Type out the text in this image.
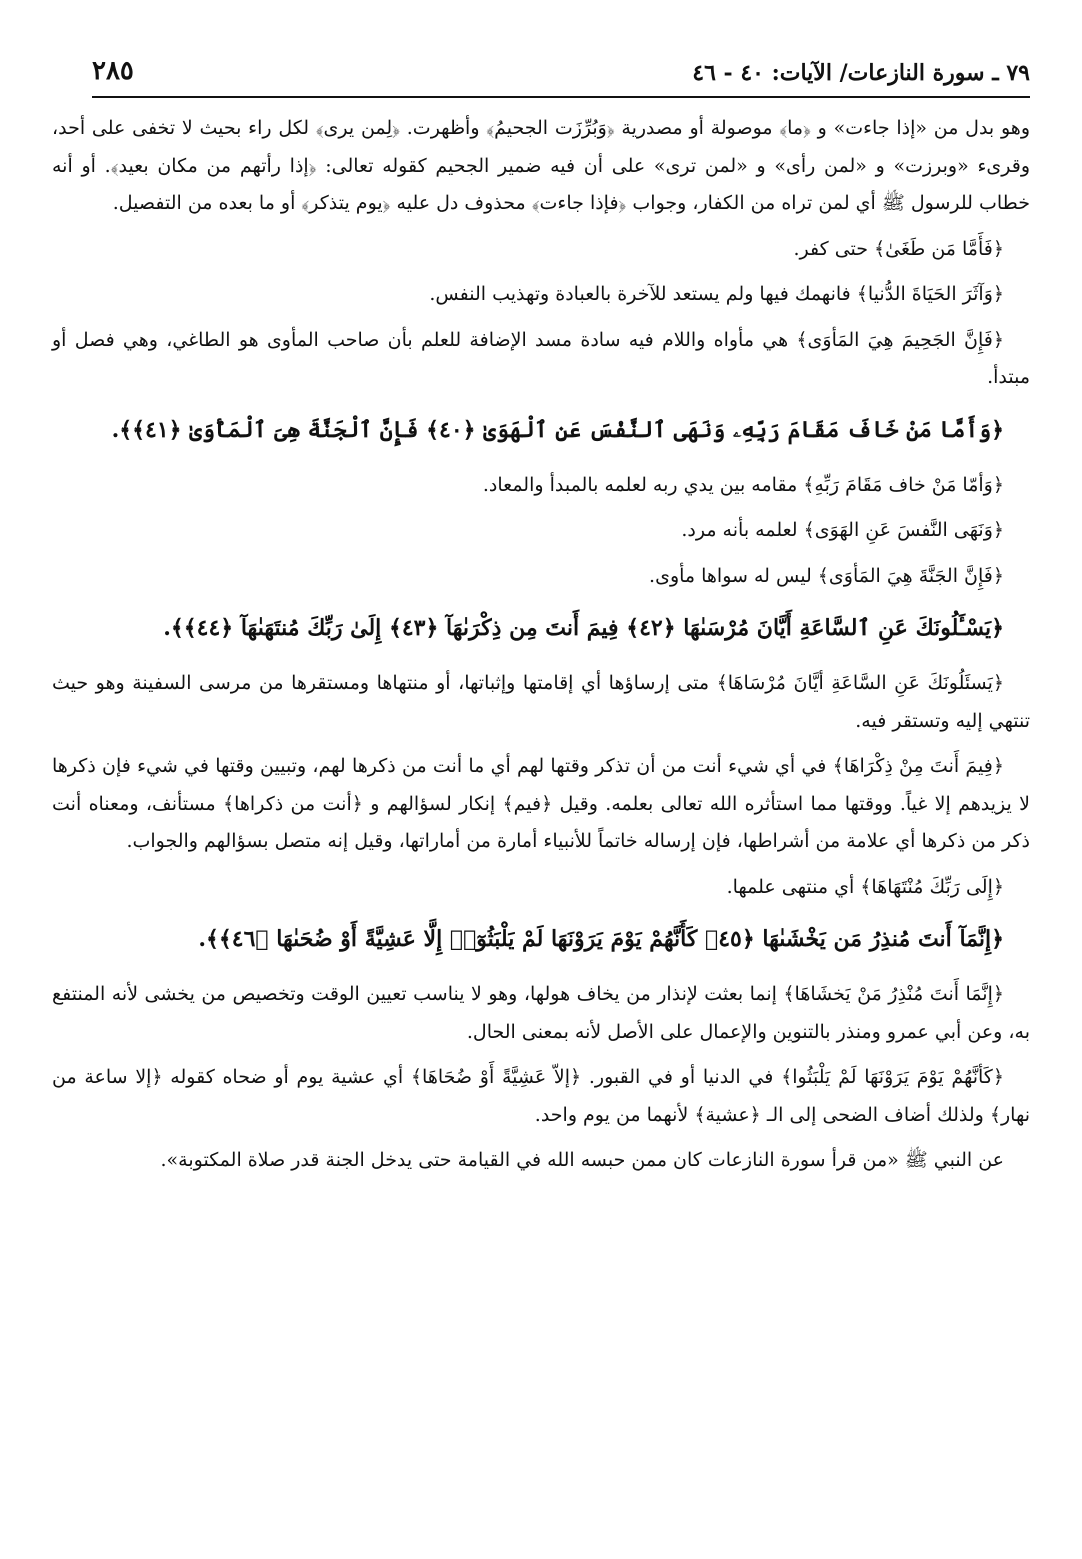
٧٩ ـ سورة النازعات/ الآيات: ٤٠ - ٤٦
٢٨٥

وهو بدل من «إذا جاءت» و ﴿ما﴾ موصولة أو مصدرية ﴿وَبُرِّزَت الجحيمُ﴾ وأظهرت. ﴿لِمن يرى﴾ لكل راء بحيث لا تخفى على أحد، وقرىء «وبرزت» و «لمن رأى» و «لمن ترى» على أن فيه ضمير الجحيم كقوله تعالى: ﴿إذا رأتهم من مكان بعيد﴾. أو أنه خطاب للرسول ﷺ أي لمن تراه من الكفار، وجواب ﴿فإذا جاءت﴾ محذوف دل عليه ﴿يوم يتذكر﴾ أو ما بعده من التفصيل.

﴿فَأَمَّا مَن طَغَىٰ﴾ حتى كفر.

﴿وَآثَرَ الحَيَاةَ الدُّنيا﴾ فانهمك فيها ولم يستعد للآخرة بالعبادة وتهذيب النفس.

﴿فَإِنَّ الجَحِيمَ هِيَ المَأوَى﴾ هي مأواه واللام فيه سادة مسد الإضافة للعلم بأن صاحب المأوى هو الطاغي، وهي فصل أو مبتدأ.

﴿وَأَمَّا مَنْ خَافَ مَقَامَ رَبِّهِۦ وَنَهَى ٱلنَّفْسَ عَنِ ٱلْهَوَىٰ ﴿٤٠﴾ فَإِنَّ ٱلْجَنَّةَ هِىَ ٱلْمَأْوَىٰ ﴿٤١﴾﴾.

﴿وَأمّا مَنْ خاف مَقَامَ رَبِّهِ﴾ مقامه بين يدي ربه لعلمه بالمبدأ والمعاد.

﴿وَنَهَى النَّفسَ عَنِ الهَوَى﴾ لعلمه بأنه مرد.

﴿فَإِنَّ الجَنَّةَ هِيَ المَأوَى﴾ ليس له سواها مأوى.

﴿يَسْـَٔلُونَكَ عَنِ ٱلسَّاعَةِ أَيَّانَ مُرْسَىٰهَا ﴿٤٢﴾ فِيمَ أَنتَ مِن ذِكْرَىٰهَآ ﴿٤٣﴾ إِلَىٰ رَبِّكَ مُنتَهَىٰهَآ ﴿٤٤﴾﴾.

﴿يَسئَلُونَكَ عَنِ السَّاعَةِ أيَّانَ مُرْسَاهَا﴾ متى إرساؤها أي إقامتها وإثباتها، أو منتهاها ومستقرها من مرسى السفينة وهو حيث تنتهي إليه وتستقر فيه.

﴿فِيمَ أَنتَ مِنْ ذِكْرَاهَا﴾ في أي شيء أنت من أن تذكر وقتها لهم أي ما أنت من ذكرها لهم، وتبيين وقتها في شيء فإن ذكرها لا يزيدهم إلا غياً. ووقتها مما استأثره الله تعالى بعلمه. وقيل ﴿فيم﴾ إنكار لسؤالهم و ﴿أنت من ذكراها﴾ مستأنف، ومعناه أنت ذكر من ذكرها أي علامة من أشراطها، فإن إرساله خاتماً للأنبياء أمارة من أماراتها، وقيل إنه متصل بسؤالهم والجواب.

﴿إِلَى رَبِّكَ مُنْتَهَاهَا﴾ أي منتهى علمها.

﴿إِنَّمَآ أَنتَ مُنذِرُ مَن يَخْشَىٰهَا ﴿٤٥﴾ كَأَنَّهُمْ يَوْمَ يَرَوْنَهَا لَمْ يَلْبَثُوٓا۟ إِلَّا عَشِيَّةً أَوْ ضُحَىٰهَا ﴿٤٦﴾﴾.

﴿إِنَّمَا أَنتَ مُنْذِرُ مَنْ يَخشَاهَا﴾ إنما بعثت لإنذار من يخاف هولها، وهو لا يناسب تعيين الوقت وتخصيص من يخشى لأنه المنتفع به، وعن أبي عمرو ومنذر بالتنوين والإعمال على الأصل لأنه بمعنى الحال.

﴿كَأنَّهُمْ يَوْمَ يَرَوْنَهَا لَمْ يَلْبَثُوا﴾ في الدنيا أو في القبور. ﴿إلاّ عَشِيَّةً أَوْ ضُحَاهَا﴾ أي عشية يوم أو ضحاه كقوله ﴿إلا ساعة من نهار﴾ ولذلك أضاف الضحى إلى الـ ﴿عشية﴾ لأنهما من يوم واحد.

عن النبي ﷺ «من قرأ سورة النازعات كان ممن حبسه الله في القيامة حتى يدخل الجنة قدر صلاة المكتوبة».
